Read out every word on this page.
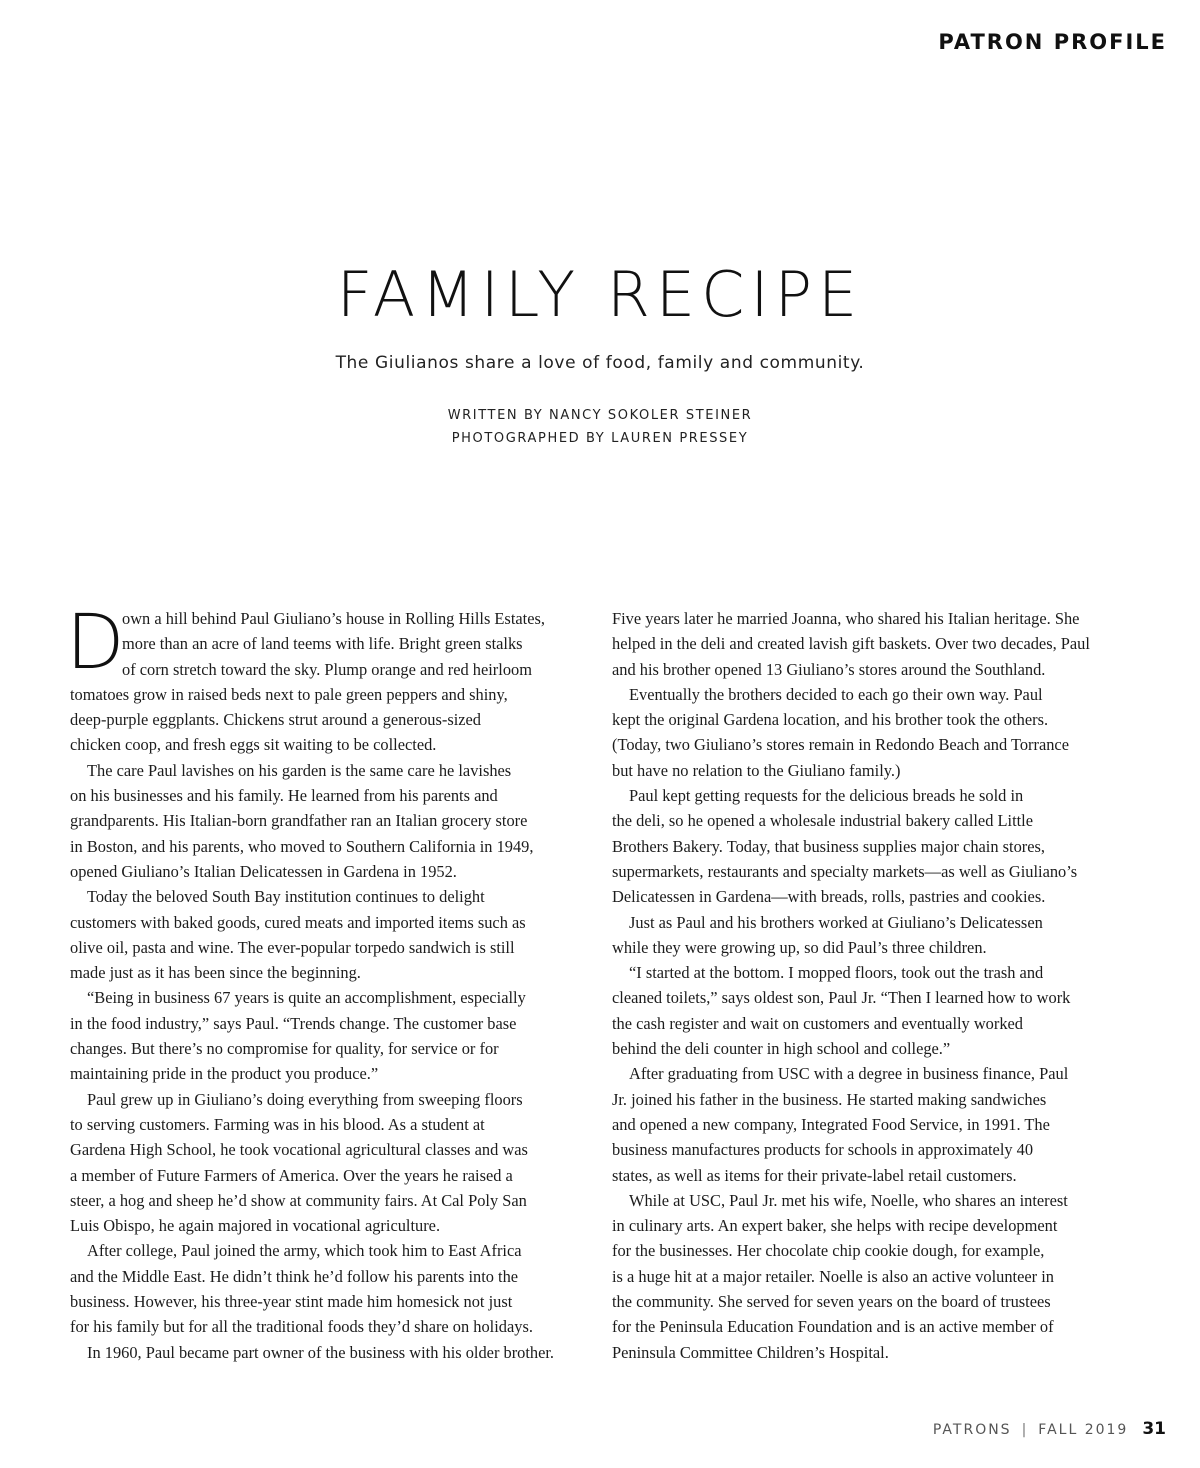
PATRON PROFILE
FAMILY RECIPE
The Giulianos share a love of food, family and community.
WRITTEN BY NANCY SOKOLER STEINER
PHOTOGRAPHED BY LAUREN PRESSEY
D
own a hill behind Paul Giuliano’s house in Rolling Hills Estates,
more than an acre of land teems with life. Bright green stalks
of corn stretch toward the sky. Plump orange and red heirloom
tomatoes grow in raised beds next to pale green peppers and shiny,
deep-purple eggplants. Chickens strut around a generous-sized
chicken coop, and fresh eggs sit waiting to be collected.
The care Paul lavishes on his garden is the same care he lavishes
on his businesses and his family. He learned from his parents and
grandparents. His Italian-born grandfather ran an Italian grocery store
in Boston, and his parents, who moved to Southern California in 1949,
opened Giuliano’s Italian Delicatessen in Gardena in 1952.
Today the beloved South Bay institution continues to delight
customers with baked goods, cured meats and imported items such as
olive oil, pasta and wine. The ever-popular torpedo sandwich is still
made just as it has been since the beginning.
“Being in business 67 years is quite an accomplishment, especially
in the food industry,” says Paul. “Trends change. The customer base
changes. But there’s no compromise for quality, for service or for
maintaining pride in the product you produce.”
Paul grew up in Giuliano’s doing everything from sweeping floors
to serving customers. Farming was in his blood. As a student at
Gardena High School, he took vocational agricultural classes and was
a member of Future Farmers of America. Over the years he raised a
steer, a hog and sheep he’d show at community fairs. At Cal Poly San
Luis Obispo, he again majored in vocational agriculture.
After college, Paul joined the army, which took him to East Africa
and the Middle East. He didn’t think he’d follow his parents into the
business. However, his three-year stint made him homesick not just
for his family but for all the traditional foods they’d share on holidays.
In 1960, Paul became part owner of the business with his older brother.
Five years later he married Joanna, who shared his Italian heritage. She
helped in the deli and created lavish gift baskets. Over two decades, Paul
and his brother opened 13 Giuliano’s stores around the Southland.
Eventually the brothers decided to each go their own way. Paul
kept the original Gardena location, and his brother took the others.
(Today, two Giuliano’s stores remain in Redondo Beach and Torrance
but have no relation to the Giuliano family.)
Paul kept getting requests for the delicious breads he sold in
the deli, so he opened a wholesale industrial bakery called Little
Brothers Bakery. Today, that business supplies major chain stores,
supermarkets, restaurants and specialty markets—as well as Giuliano’s
Delicatessen in Gardena—with breads, rolls, pastries and cookies.
Just as Paul and his brothers worked at Giuliano’s Delicatessen
while they were growing up, so did Paul’s three children.
“I started at the bottom. I mopped floors, took out the trash and
cleaned toilets,” says oldest son, Paul Jr. “Then I learned how to work
the cash register and wait on customers and eventually worked
behind the deli counter in high school and college.”
After graduating from USC with a degree in business finance, Paul
Jr. joined his father in the business. He started making sandwiches
and opened a new company, Integrated Food Service, in 1991. The
business manufactures products for schools in approximately 40
states, as well as items for their private-label retail customers.
While at USC, Paul Jr. met his wife, Noelle, who shares an interest
in culinary arts. An expert baker, she helps with recipe development
for the businesses. Her chocolate chip cookie dough, for example,
is a huge hit at a major retailer. Noelle is also an active volunteer in
the community. She served for seven years on the board of trustees
for the Peninsula Education Foundation and is an active member of
Peninsula Committee Children’s Hospital.
PATRONS | FALL 2019 31
